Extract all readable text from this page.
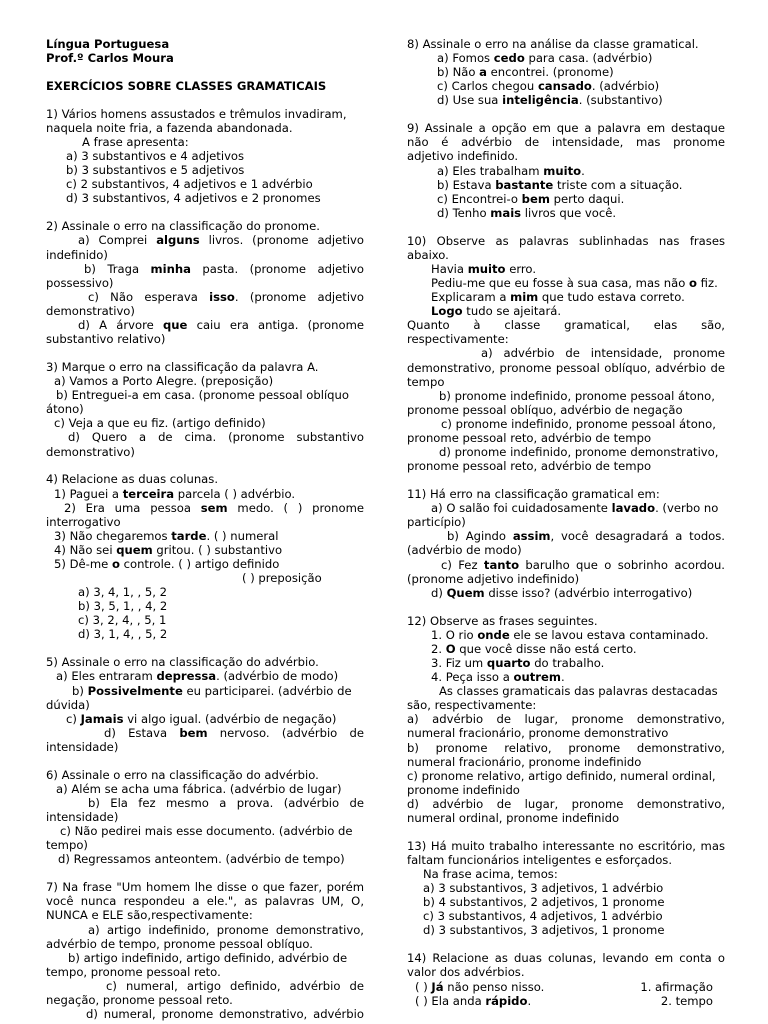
Língua Portuguesa
Prof.º Carlos Moura
EXERCÍCIOS SOBRE CLASSES GRAMATICAIS
1) Vários homens assustados e trêmulos invadiram,
naquela noite fria, a fazenda abandonada.
A frase apresenta:
a) 3 substantivos e 4 adjetivos
b) 3 substantivos e 5 adjetivos
c) 2 substantivos, 4 adjetivos e 1 advérbio
d) 3 substantivos, 4 adjetivos e 2 pronomes
2) Assinale o erro na classificação do pronome.
a) Comprei alguns livros. (pronome adjetivo
indefinido)
b) Traga minha pasta. (pronome adjetivo
possessivo)
c) Não esperava isso. (pronome adjetivo
demonstrativo)
d) A árvore que caiu era antiga. (pronome
substantivo relativo)
3) Marque o erro na classificação da palavra A.
a) Vamos a Porto Alegre. (preposição)
b) Entreguei-a em casa. (pronome pessoal oblíquo
átono)
c) Veja a que eu fiz. (artigo definido)
d) Quero a de cima. (pronome substantivo
demonstrativo)
4) Relacione as duas colunas.
1) Paguei a terceira parcela ( ) advérbio.
2) Era uma pessoa sem medo. ( ) pronome
interrogativo
3) Não chegaremos tarde. ( ) numeral
4) Não sei quem gritou. ( ) substantivo
5) Dê-me o controle. ( ) artigo definido
( ) preposição
a) 3, 4, 1, , 5, 2
b) 3, 5, 1, , 4, 2
c) 3, 2, 4, , 5, 1
d) 3, 1, 4, , 5, 2
5) Assinale o erro na classificação do advérbio.
a) Eles entraram depressa. (advérbio de modo)
b) Possivelmente eu participarei. (advérbio de
dúvida)
c) Jamais vi algo igual. (advérbio de negação)
d) Estava bem nervoso. (advérbio de
intensidade)
6) Assinale o erro na classificação do advérbio.
a) Além se acha uma fábrica. (advérbio de lugar)
b) Ela fez mesmo a prova. (advérbio de
intensidade)
c) Não pedirei mais esse documento. (advérbio de
tempo)
d) Regressamos anteontem. (advérbio de tempo)
7) Na frase "Um homem lhe disse o que fazer, porém
você nunca respondeu a ele.", as palavras UM, O,
NUNCA e ELE são,respectivamente:
a) artigo indefinido, pronome demonstrativo,
advérbio de tempo, pronome pessoal oblíquo.
b) artigo indefinido, artigo definido, advérbio de
tempo, pronome pessoal reto.
c) numeral, artigo definido, advérbio de
negação, pronome pessoal reto.
d) numeral, pronome demonstrativo, advérbio
8) Assinale o erro na análise da classe gramatical.
a) Fomos cedo para casa. (advérbio)
b) Não a encontrei. (pronome)
c) Carlos chegou cansado. (advérbio)
d) Use sua inteligência. (substantivo)
9) Assinale a opção em que a palavra em destaque
não é advérbio de intensidade, mas pronome
adjetivo indefinido.
a) Eles trabalham muito.
b) Estava bastante triste com a situação.
c) Encontrei-o bem perto daqui.
d) Tenho mais livros que você.
10) Observe as palavras sublinhadas nas frases
abaixo.
Havia muito erro.
Pediu-me que eu fosse à sua casa, mas não o fiz.
Explicaram a mim que tudo estava correto.
Logo tudo se ajeitará.
Quanto à classe gramatical, elas são,
respectivamente:
a) advérbio de intensidade, pronome
demonstrativo, pronome pessoal oblíquo, advérbio de
tempo
b) pronome indefinido, pronome pessoal átono,
pronome pessoal oblíquo, advérbio de negação
c) pronome indefinido, pronome pessoal átono,
pronome pessoal reto, advérbio de tempo
d) pronome indefinido, pronome demonstrativo,
pronome pessoal reto, advérbio de tempo
11) Há erro na classificação gramatical em:
a) O salão foi cuidadosamente lavado. (verbo no
particípio)
b) Agindo assim, você desagradará a todos.
(advérbio de modo)
c) Fez tanto barulho que o sobrinho acordou.
(pronome adjetivo indefinido)
d) Quem disse isso? (advérbio interrogativo)
12) Observe as frases seguintes.
1. O rio onde ele se lavou estava contaminado.
2. O que você disse não está certo.
3. Fiz um quarto do trabalho.
4. Peça isso a outrem.
As classes gramaticais das palavras destacadas
são, respectivamente:
a) advérbio de lugar, pronome demonstrativo,
numeral fracionário, pronome demonstrativo
b) pronome relativo, pronome demonstrativo,
numeral fracionário, pronome indefinido
c) pronome relativo, artigo definido, numeral ordinal,
pronome indefinido
d) advérbio de lugar, pronome demonstrativo,
numeral ordinal, pronome indefinido
13) Há muito trabalho interessante no escritório, mas
faltam funcionários inteligentes e esforçados.
Na frase acima, temos:
a) 3 substantivos, 3 adjetivos, 1 advérbio
b) 4 substantivos, 2 adjetivos, 1 pronome
c) 3 substantivos, 4 adjetivos, 1 advérbio
d) 3 substantivos, 3 adjetivos, 1 pronome
14) Relacione as duas colunas, levando em conta o
valor dos advérbios.
( ) Já não penso nisso.	1. afirmação
( ) Ela anda rápido.	2. tempo
